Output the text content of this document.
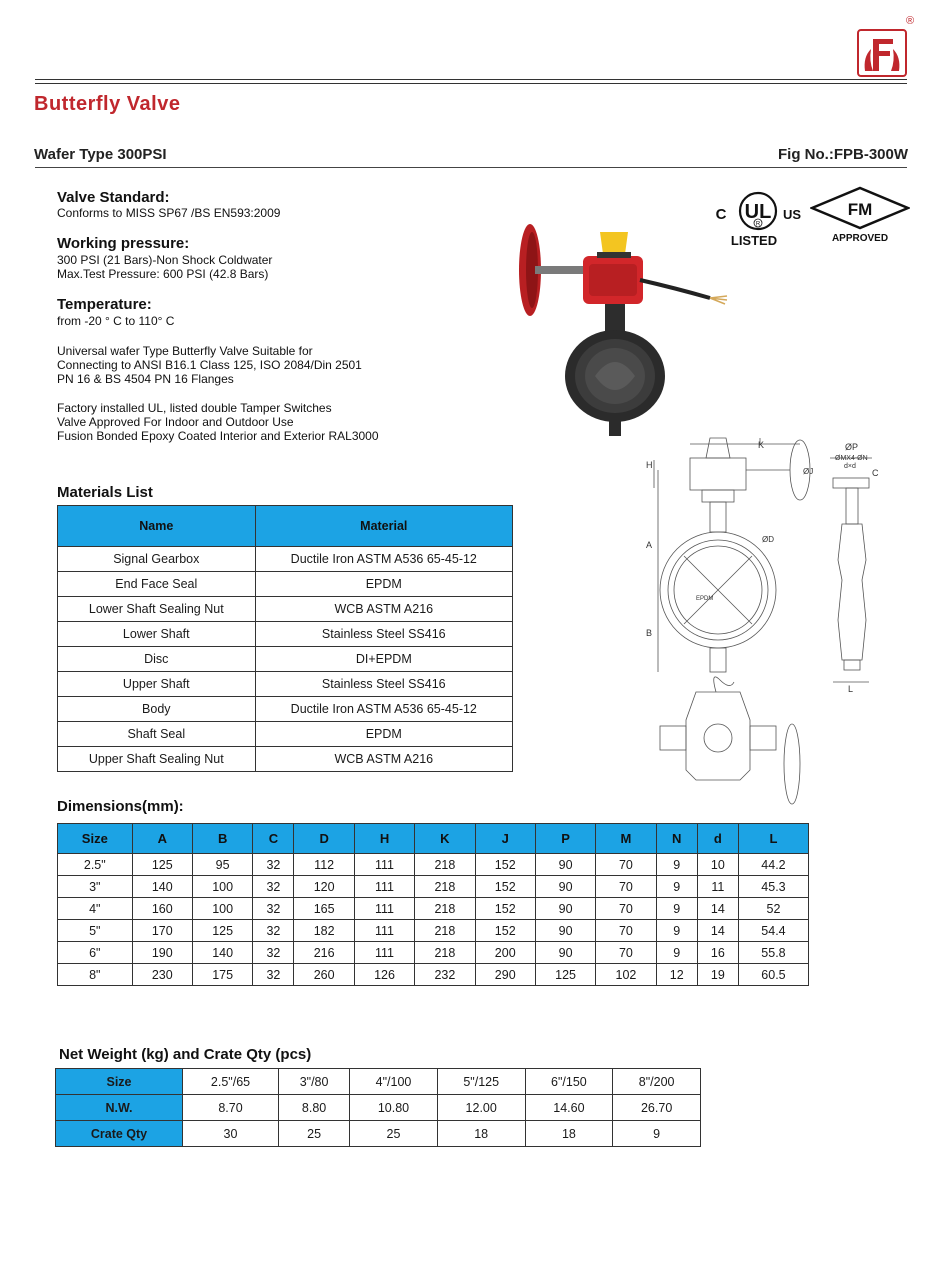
®
Butterfly Valve
Wafer Type 300PSI	Fig No.:FPB-300W
UL
C	US
R
LISTED
FM
APPROVED
Valve Standard:
Conforms to MISS SP67 /BS EN593:2009
Working pressure:
300 PSI (21 Bars)-Non Shock Coldwater
Max.Test Pressure: 600 PSI (42.8 Bars)
Temperature:
from -20 ° C to 110° C
Universal wafer Type Butterfly Valve Suitable for
Connecting to ANSI B16.1 Class 125, ISO 2084/Din 2501
PN 16 & BS 4504 PN 16 Flanges
Factory installed UL, listed double Tamper Switches
Valve Approved For Indoor and Outdoor Use
Fusion Bonded Epoxy Coated Interior and Exterior RAL3000
K
H
A
B
ØD
ØJ
ØP
ØMX4-ØN
d×d
C
L
EPDM
Materials List
Name	Material
Signal Gearbox	Ductile Iron ASTM A536 65-45-12
End Face Seal	EPDM
Lower Shaft Sealing Nut	WCB ASTM A216
Lower Shaft	Stainless Steel SS416
Disc	DI+EPDM
Upper Shaft	Stainless Steel SS416
Body	Ductile Iron ASTM A536 65-45-12
Shaft Seal	EPDM
Upper Shaft Sealing Nut	WCB ASTM A216
Dimensions(mm):
Size	A	B	C	D	H	K	J	P	M	N	d	L
2.5"	125	95	32	112	111	218	152	90	70	9	10	44.2
3"	140	100	32	120	111	218	152	90	70	9	11	45.3
4"	160	100	32	165	111	218	152	90	70	9	14	52
5"	170	125	32	182	111	218	152	90	70	9	14	54.4
6"	190	140	32	216	111	218	200	90	70	9	16	55.8
8"	230	175	32	260	126	232	290	125	102	12	19	60.5
Net Weight (kg) and Crate Qty (pcs)
Size	2.5"/65	3"/80	4"/100	5"/125	6"/150	8"/200
N.W.	8.70	8.80	10.80	12.00	14.60	26.70
Crate Qty	30	25	25	18	18	9
